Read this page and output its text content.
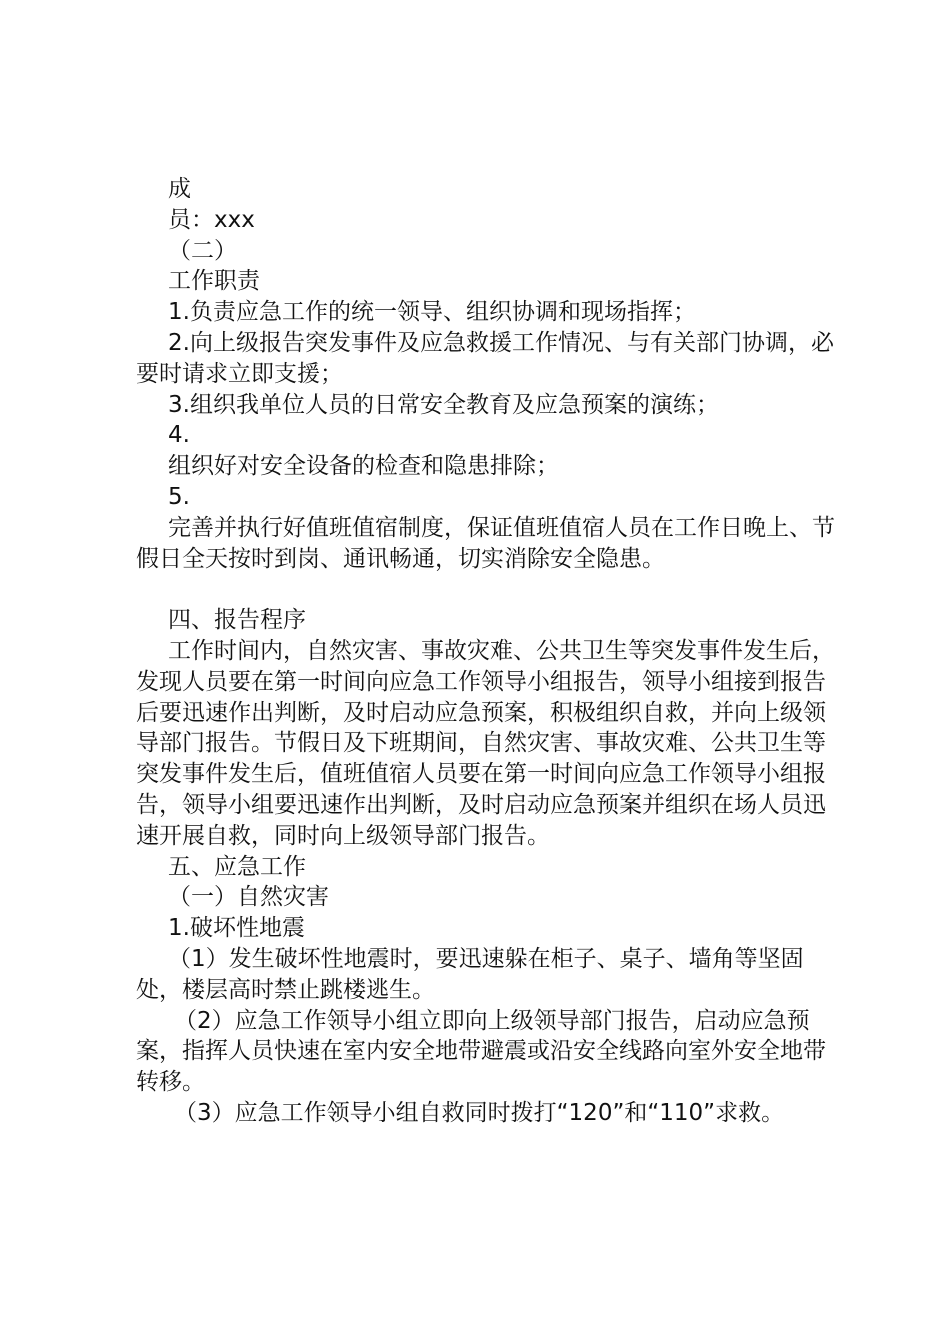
成

员：xxx

（二）

工作职责

1.负责应急工作的统一领导、组织协调和现场指挥；

2.向上级报告突发事件及应急救援工作情况、与有关部门协调，必要时请求立即支援；

3.组织我单位人员的日常安全教育及应急预案的演练；

4.

组织好对安全设备的检查和隐患排除；

5.

完善并执行好值班值宿制度，保证值班值宿人员在工作日晚上、节假日全天按时到岗、通讯畅通，切实消除安全隐患。

四、报告程序

工作时间内，自然灾害、事故灾难、公共卫生等突发事件发生后，发现人员要在第一时间向应急工作领导小组报告，领导小组接到报告后要迅速作出判断，及时启动应急预案，积极组织自救，并向上级领导部门报告。节假日及下班期间，自然灾害、事故灾难、公共卫生等突发事件发生后，值班值宿人员要在第一时间向应急工作领导小组报告，领导小组要迅速作出判断，及时启动应急预案并组织在场人员迅速开展自救，同时向上级领导部门报告。

五、应急工作

（一）自然灾害

1.破坏性地震

（1）发生破坏性地震时，要迅速躲在柜子、桌子、墙角等坚固处，楼层高时禁止跳楼逃生。

（2）应急工作领导小组立即向上级领导部门报告，启动应急预案，指挥人员快速在室内安全地带避震或沿安全线路向室外安全地带转移。

（3）应急工作领导小组自救同时拨打“120”和“110”求救。
